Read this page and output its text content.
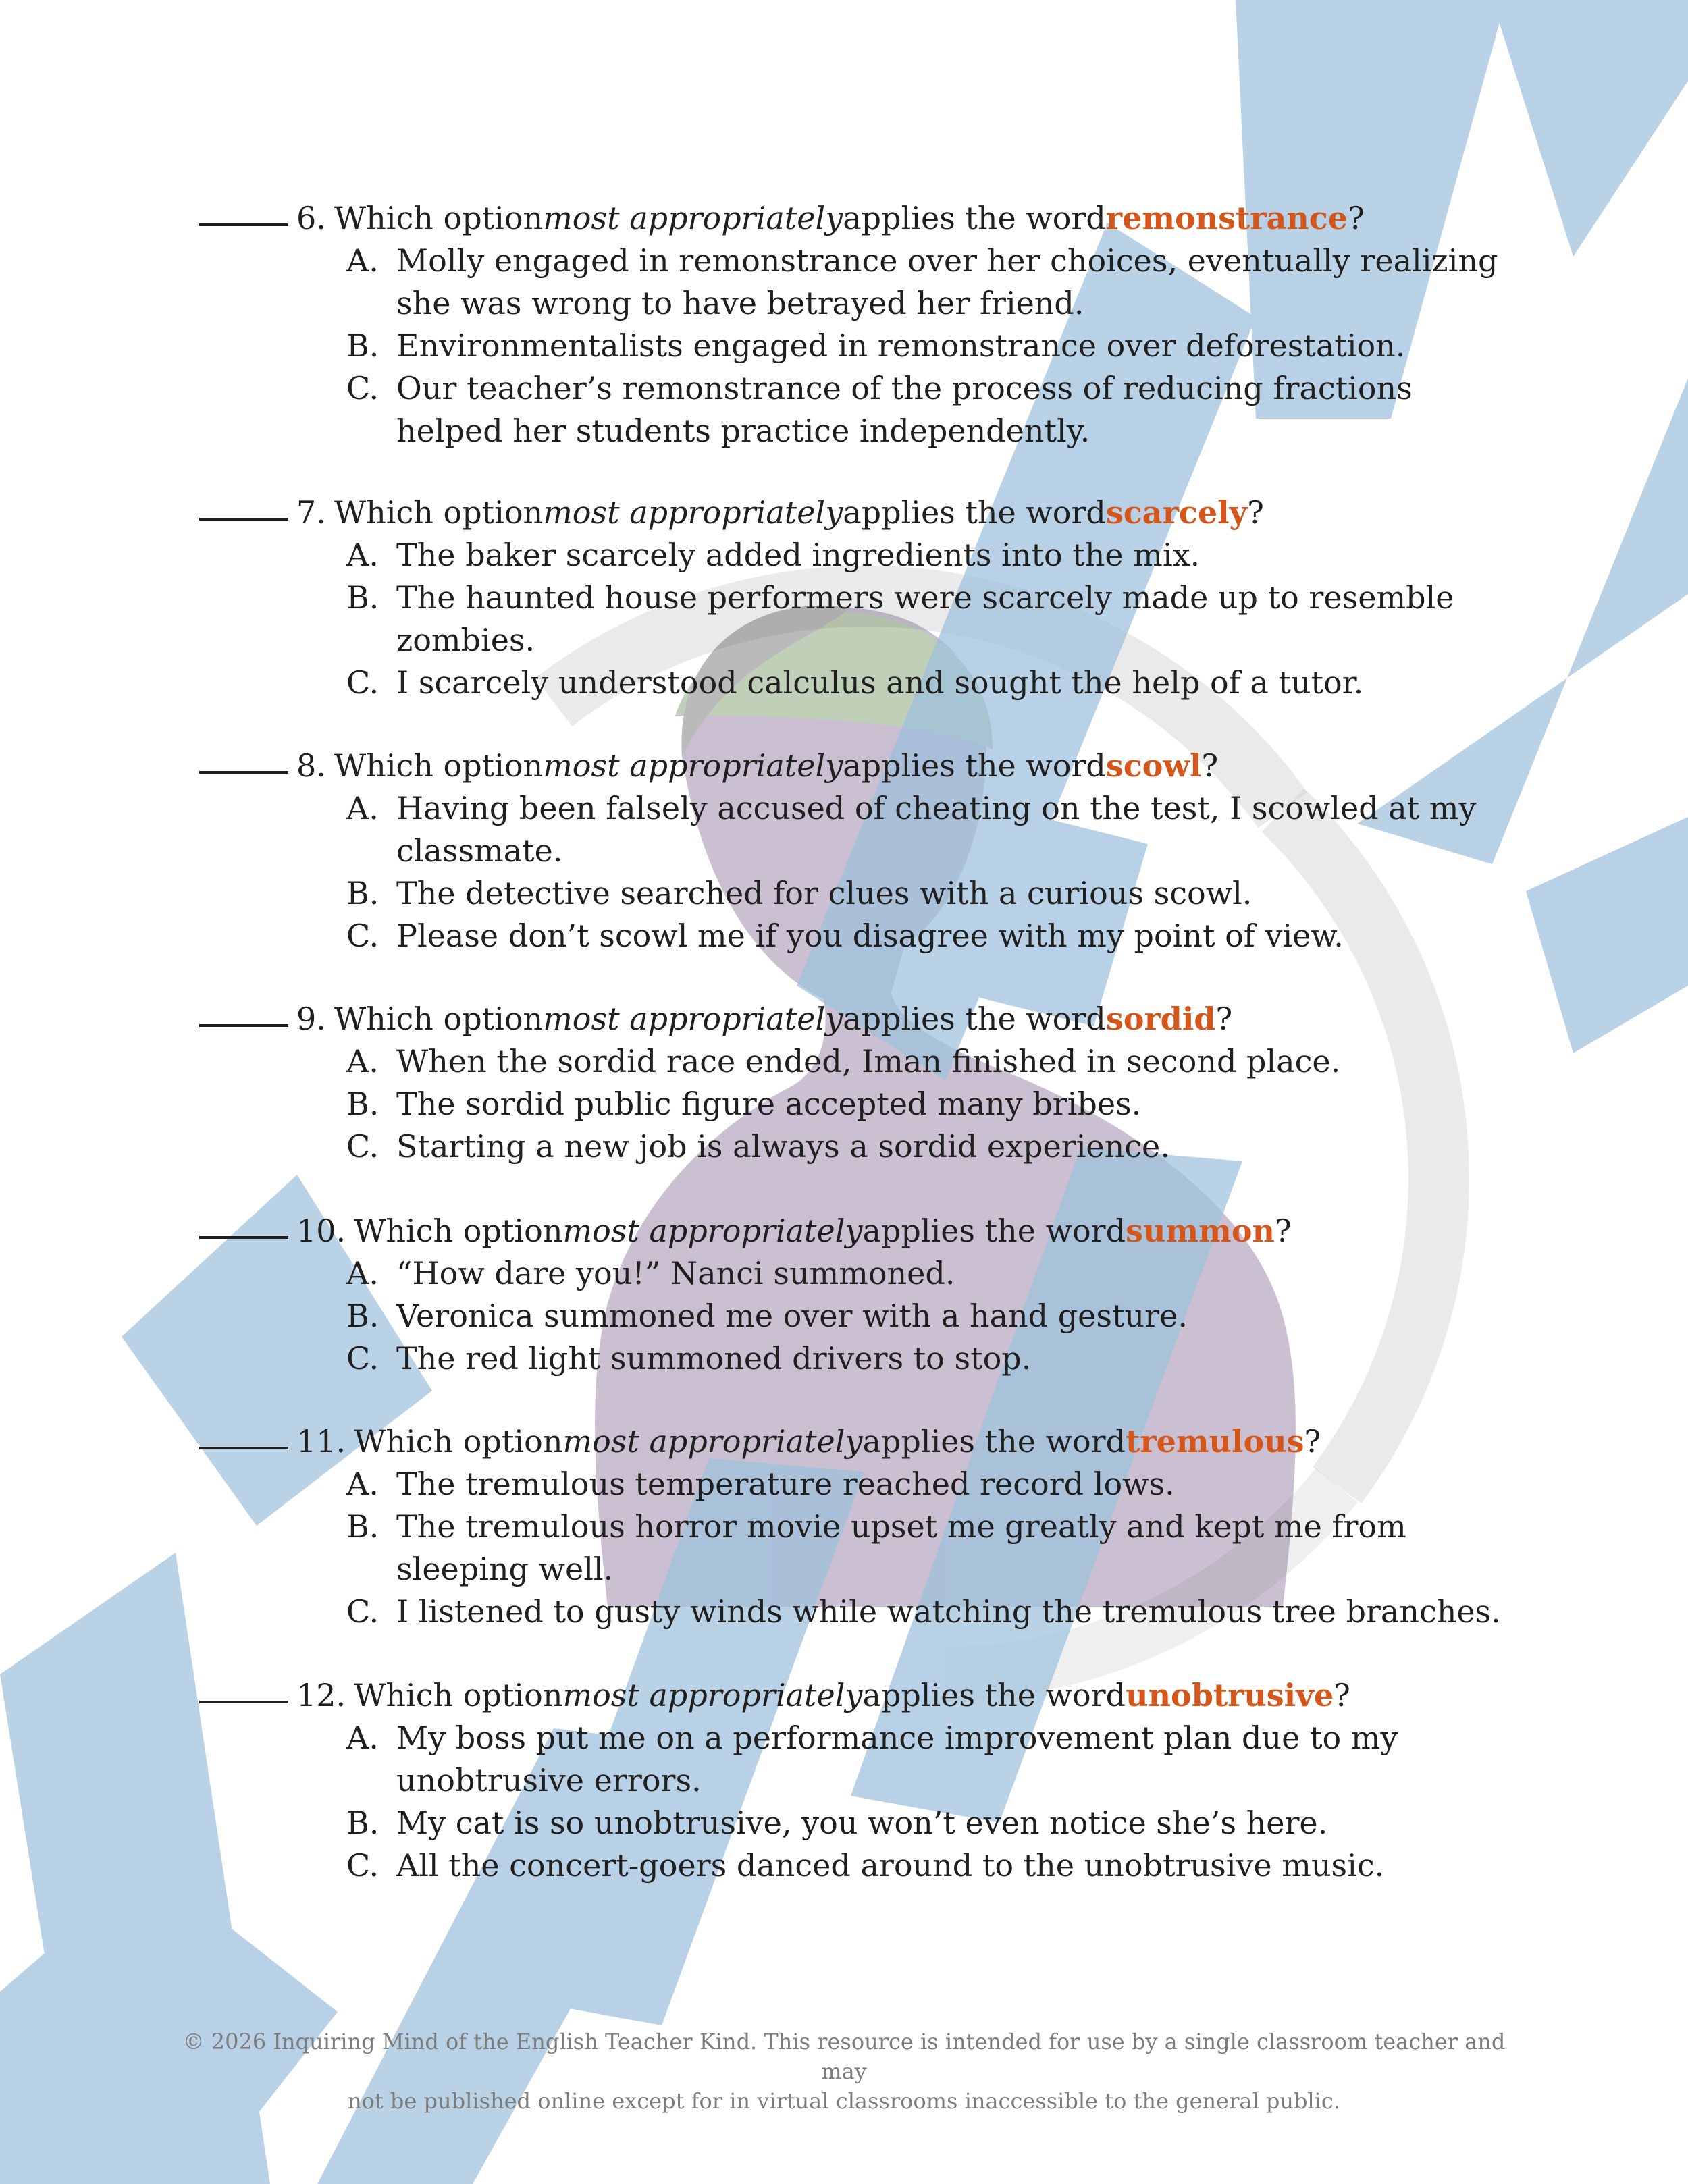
6. Which option most appropriately applies the word remonstrance ?
A. Molly engaged in remonstrance over her choices, eventually realizing she was wrong to have betrayed her friend.
B. Environmentalists engaged in remonstrance over deforestation.
C. Our teacher’s remonstrance of the process of reducing fractions helped her students practice independently.
7. Which option most appropriately applies the word scarcely ?
A. The baker scarcely added ingredients into the mix.
B. The haunted house performers were scarcely made up to resemble zombies.
C. I scarcely understood calculus and sought the help of a tutor.
8. Which option most appropriately applies the word scowl ?
A. Having been falsely accused of cheating on the test, I scowled at my classmate.
B. The detective searched for clues with a curious scowl.
C. Please don’t scowl me if you disagree with my point of view.
9. Which option most appropriately applies the word sordid ?
A. When the sordid race ended, Iman finished in second place.
B. The sordid public figure accepted many bribes.
C. Starting a new job is always a sordid experience.
10. Which option most appropriately applies the word summon ?
A. “How dare you!” Nanci summoned.
B. Veronica summoned me over with a hand gesture.
C. The red light summoned drivers to stop.
11. Which option most appropriately applies the word tremulous ?
A. The tremulous temperature reached record lows.
B. The tremulous horror movie upset me greatly and kept me from sleeping well.
C. I listened to gusty winds while watching the tremulous tree branches.
12. Which option most appropriately applies the word unobtrusive ?
A. My boss put me on a performance improvement plan due to my unobtrusive errors.
B. My cat is so unobtrusive, you won’t even notice she’s here.
C. All the concert-goers danced around to the unobtrusive music.
© 2026 Inquiring Mind of the English Teacher Kind. This resource is intended for use by a single classroom teacher and may
not be published online except for in virtual classrooms inaccessible to the general public.
